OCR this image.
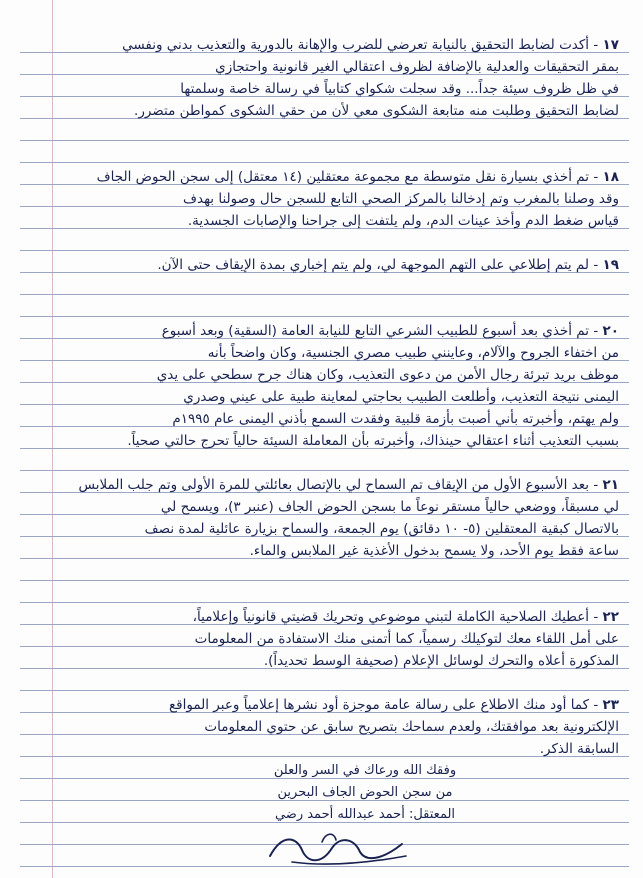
١٧ - أكدت لضابط التحقيق بالنيابة تعرضي للضرب والإهانة بالدورية والتعذيب بدني ونفسي
بمقر التحقيقات والعدلية بالإضافة لظروف اعتقالي الغير قانونية واحتجازي
في ظل ظروف سيئة جداً... وقد سجلت شكواي كتابياً في رسالة خاصة وسلمتها
لضابط التحقيق وطلبت منه متابعة الشكوى معي لأن من حقي الشكوى كمواطن متضرر.
١٨ - تم أخذي بسيارة نقل متوسطة مع مجموعة معتقلين (١٤ معتقل) إلى سجن الحوض الجاف
وقد وصلنا بالمغرب وتم إدخالنا بالمركز الصحي التابع للسجن حال وصولنا بهدف
قياس ضغط الدم وأخذ عينات الدم، ولم يلتفت إلى جراحنا والإصابات الجسدية.
١٩ - لم يتم إطلاعي على التهم الموجهة لي، ولم يتم إخباري بمدة الإيقاف حتى الآن.
٢٠ - تم أخذي بعد أسبوع للطبيب الشرعي التابع للنيابة العامة (السقية) وبعد أسبوع
من اختفاء الجروح والآلام، وعاينني طبيب مصري الجنسية، وكان واضحاً بأنه
موظف بريد تبرئة رجال الأمن من دعوى التعذيب، وكان هناك جرح سطحي على يدي
اليمنى نتيجة التعذيب، وأطلعت الطبيب بحاجتي لمعاينة طبية على عيني وصدري
ولم يهتم، وأخبرته بأني أصبت بأزمة قلبية وفقدت السمع بأذني اليمنى عام ١٩٩٥م
بسبب التعذيب أثناء اعتقالي حينذاك، وأخبرته بأن المعاملة السيئة حالياً تحرج حالتي صحياً.
٢١ - بعد الأسبوع الأول من الإيقاف تم السماح لي بالإتصال بعائلتي للمرة الأولى وتم جلب الملابس
لي مسبقاً، ووضعي حالياً مستقر نوعاً ما بسجن الحوض الجاف (عنبر ٣)، ويسمح لي
بالاتصال كبقية المعتقلين (٥- ١٠ دقائق) يوم الجمعة، والسماح بزيارة عائلية لمدة نصف
ساعة فقط يوم الأحد، ولا يسمح بدخول الأغذية غير الملابس والماء.
٢٢ - أعطيك الصلاحية الكاملة لتبني موضوعي وتحريك قضيتي قانونياً وإعلامياً،
على أمل اللقاء معك لتوكيلك رسمياً، كما أتمنى منك الاستفادة من المعلومات
المذكورة أعلاه والتحرك لوسائل الإعلام (صحيفة الوسط تحديداً).
٢٣ - كما أود منك الاطلاع على رسالة عامة موجزة أود نشرها إعلامياً وعبر المواقع
الإلكترونية بعد موافقتك، ولعدم سماحك بتصريح سابق عن حتوي المعلومات
السابقة الذكر.
وفقك الله ورعاك في السر والعلن
من سجن الحوض الجاف البحرين
المعتقل: أحمد عبدالله أحمد رضي
